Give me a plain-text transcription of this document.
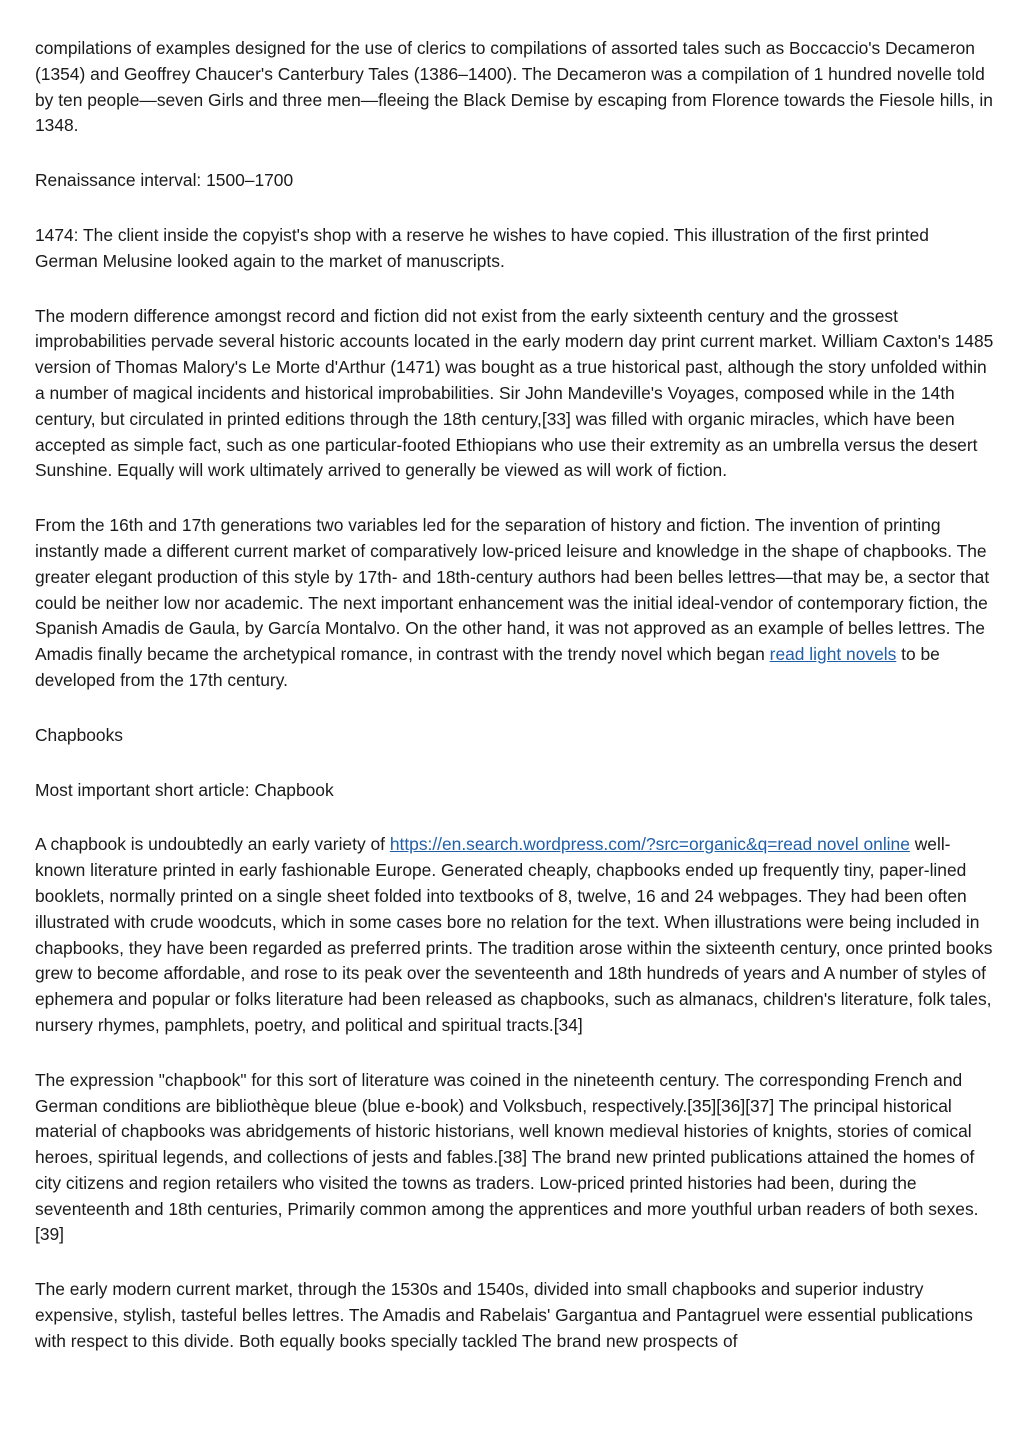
compilations of examples designed for the use of clerics to compilations of assorted tales such as Boccaccio's Decameron (1354) and Geoffrey Chaucer's Canterbury Tales (1386–1400). The Decameron was a compilation of 1 hundred novelle told by ten people—seven Girls and three men—fleeing the Black Demise by escaping from Florence towards the Fiesole hills, in 1348.

Renaissance interval: 1500–1700

1474: The client inside the copyist's shop with a reserve he wishes to have copied. This illustration of the first printed German Melusine looked again to the market of manuscripts.

The modern difference amongst record and fiction did not exist from the early sixteenth century and the grossest improbabilities pervade several historic accounts located in the early modern day print current market. William Caxton's 1485 version of Thomas Malory's Le Morte d'Arthur (1471) was bought as a true historical past, although the story unfolded within a number of magical incidents and historical improbabilities. Sir John Mandeville's Voyages, composed while in the 14th century, but circulated in printed editions through the 18th century,[33] was filled with organic miracles, which have been accepted as simple fact, such as one particular-footed Ethiopians who use their extremity as an umbrella versus the desert Sunshine. Equally will work ultimately arrived to generally be viewed as will work of fiction.

From the 16th and 17th generations two variables led for the separation of history and fiction. The invention of printing instantly made a different current market of comparatively low-priced leisure and knowledge in the shape of chapbooks. The greater elegant production of this style by 17th- and 18th-century authors had been belles lettres—that may be, a sector that could be neither low nor academic. The next important enhancement was the initial ideal-vendor of contemporary fiction, the Spanish Amadis de Gaula, by García Montalvo. On the other hand, it was not approved as an example of belles lettres. The Amadis finally became the archetypical romance, in contrast with the trendy novel which began read light novels to be developed from the 17th century.

Chapbooks

Most important short article: Chapbook

A chapbook is undoubtedly an early variety of https://en.search.wordpress.com/?src=organic&q=read novel online well-known literature printed in early fashionable Europe. Generated cheaply, chapbooks ended up frequently tiny, paper-lined booklets, normally printed on a single sheet folded into textbooks of 8, twelve, 16 and 24 webpages. They had been often illustrated with crude woodcuts, which in some cases bore no relation for the text. When illustrations were being included in chapbooks, they have been regarded as preferred prints. The tradition arose within the sixteenth century, once printed books grew to become affordable, and rose to its peak over the seventeenth and 18th hundreds of years and A number of styles of ephemera and popular or folks literature had been released as chapbooks, such as almanacs, children's literature, folk tales, nursery rhymes, pamphlets, poetry, and political and spiritual tracts.[34]

The expression "chapbook" for this sort of literature was coined in the nineteenth century. The corresponding French and German conditions are bibliothèque bleue (blue e-book) and Volksbuch, respectively.[35][36][37] The principal historical material of chapbooks was abridgements of historic historians, well known medieval histories of knights, stories of comical heroes, spiritual legends, and collections of jests and fables.[38] The brand new printed publications attained the homes of city citizens and region retailers who visited the towns as traders. Low-priced printed histories had been, during the seventeenth and 18th centuries, Primarily common among the apprentices and more youthful urban readers of both sexes.[39]

The early modern current market, through the 1530s and 1540s, divided into small chapbooks and superior industry expensive, stylish, tasteful belles lettres. The Amadis and Rabelais' Gargantua and Pantagruel were essential publications with respect to this divide. Both equally books specially tackled The brand new prospects of
